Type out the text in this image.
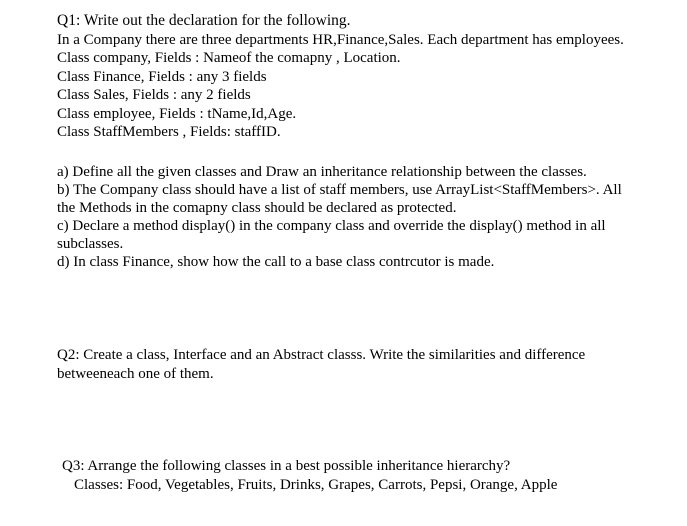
Q1: Write out the declaration for the following.
In a Company there are three departments HR,Finance,Sales. Each department has employees.
Class company, Fields : Nameof the comapny , Location.
Class Finance, Fields : any 3 fields
Class Sales, Fields : any 2 fields
Class employee, Fields : tName,Id,Age.
Class StaffMembers , Fields: staffID.
a) Define all the given classes and Draw an inheritance relationship between the classes.
b) The Company class should have a list of staff members, use ArrayList<StaffMembers>. All
the Methods in the comapny class should be declared as protected.
c) Declare a method display() in the company class and override the display() method in all
subclasses.
d) In class Finance, show how the call to a base class contrcutor is made.
Q2: Create a class, Interface and an Abstract classs. Write the similarities and difference
betweeneach one of them.
Q3: Arrange the following classes in a best possible inheritance hierarchy?
Classes: Food, Vegetables, Fruits, Drinks, Grapes, Carrots, Pepsi, Orange, Apple
